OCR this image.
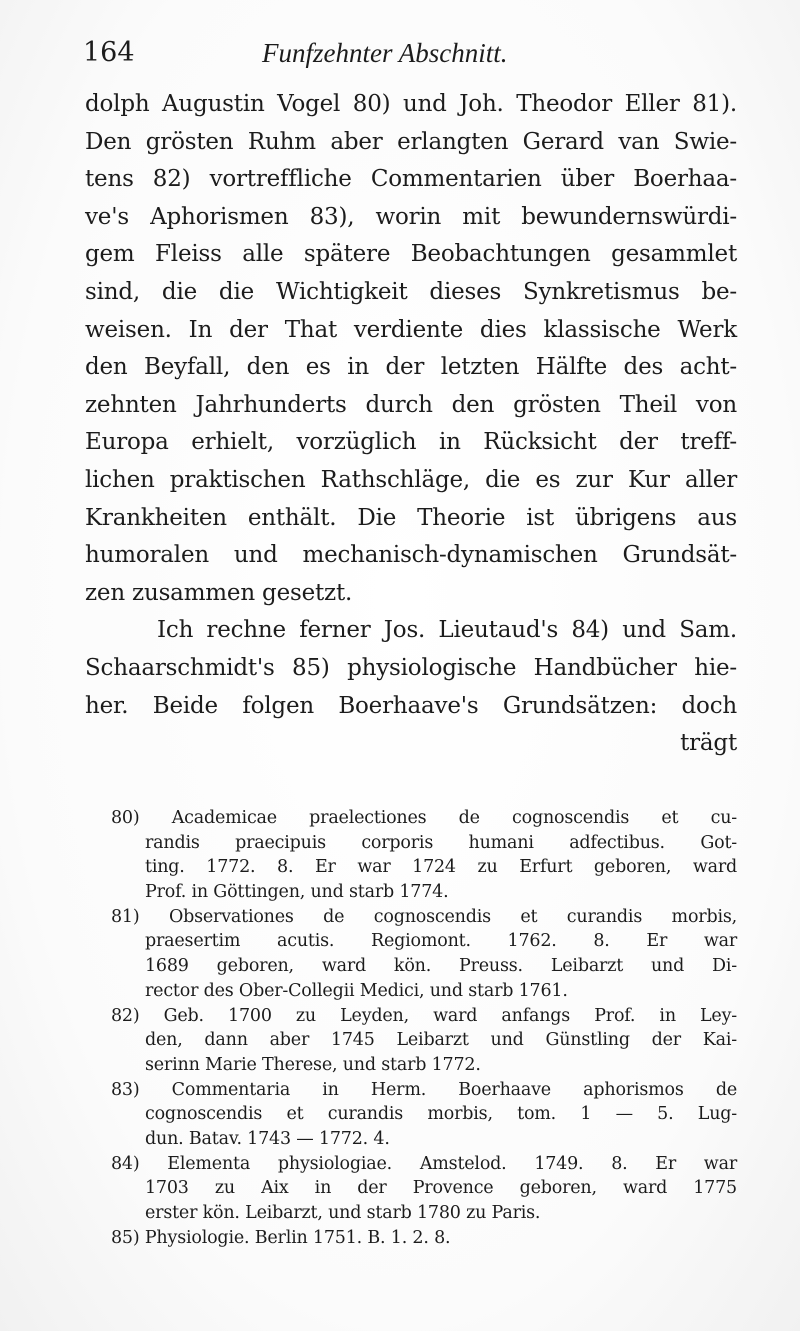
164	Funfzehnter Abschnitt.
dolph Augustin Vogel 80) und Joh. Theodor Eller 81).
Den grösten Ruhm aber erlangten Gerard van Swie-
tens 82) vortreffliche Commentarien über Boerhaa-
ve's Aphorismen 83), worin mit bewundernswürdi-
gem Fleiss alle spätere Beobachtungen gesammlet
sind, die die Wichtigkeit dieses Synkretismus be-
weisen. In der That verdiente dies klassische Werk
den Beyfall, den es in der letzten Hälfte des acht-
zehnten Jahrhunderts durch den grösten Theil von
Europa erhielt, vorzüglich in Rücksicht der treff-
lichen praktischen Rathschläge, die es zur Kur aller
Krankheiten enthält. Die Theorie ist übrigens aus
humoralen und mechanisch-dynamischen Grundsät-
zen zusammen gesetzt.
Ich rechne ferner Jos. Lieutaud's 84) und Sam.
Schaarschmidt's 85) physiologische Handbücher hie-
her. Beide folgen Boerhaave's Grundsätzen: doch
trägt
80) Academicae praelectiones de cognoscendis et cu-
randis praecipuis corporis humani adfectibus. Got-
ting. 1772. 8. Er war 1724 zu Erfurt geboren, ward
Prof. in Göttingen, und starb 1774.
81) Observationes de cognoscendis et curandis morbis,
praesertim acutis. Regiomont. 1762. 8. Er war
1689 geboren, ward kön. Preuss. Leibarzt und Di-
rector des Ober-Collegii Medici, und starb 1761.
82) Geb. 1700 zu Leyden, ward anfangs Prof. in Ley-
den, dann aber 1745 Leibarzt und Günstling der Kai-
serinn Marie Therese, und starb 1772.
83) Commentaria in Herm. Boerhaave aphorismos de
cognoscendis et curandis morbis, tom. 1 — 5. Lug-
dun. Batav. 1743 — 1772. 4.
84) Elementa physiologiae. Amstelod. 1749. 8. Er war
1703 zu Aix in der Provence geboren, ward 1775
erster kön. Leibarzt, und starb 1780 zu Paris.
85) Physiologie. Berlin 1751. B. 1. 2. 8.
